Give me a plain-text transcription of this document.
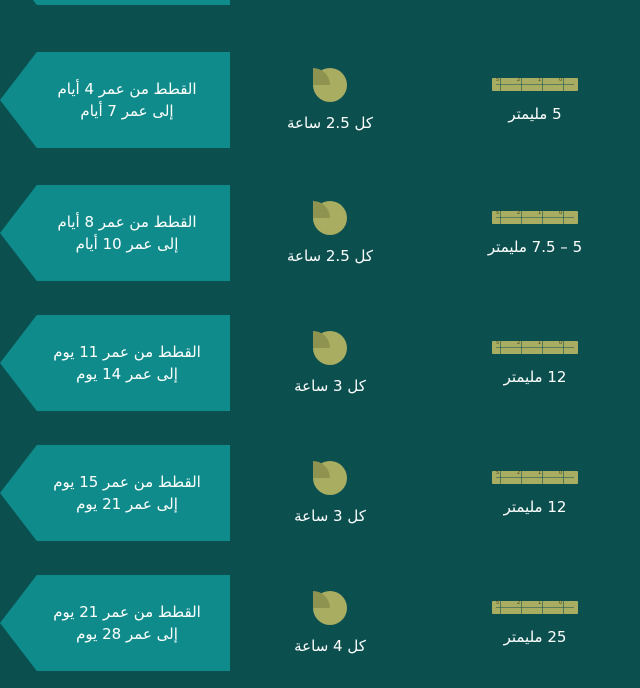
القطط من عمر 4 أيام
إلى عمر 7 أيام
كل 2.5 ساعة
5	2	1	0
5 مليمتر
القطط من عمر 8 أيام
إلى عمر 10 أيام
كل 2.5 ساعة
5	2	1	0
5 – 7.5 مليمتر
القطط من عمر 11 يوم
إلى عمر 14 يوم
كل 3 ساعة
5	2	1	0
12 مليمتر
القطط من عمر 15 يوم
إلى عمر 21 يوم
كل 3 ساعة
5	2	1	0
12 مليمتر
القطط من عمر 21 يوم
إلى عمر 28 يوم
كل 4 ساعة
5	2	1	0
25 مليمتر
